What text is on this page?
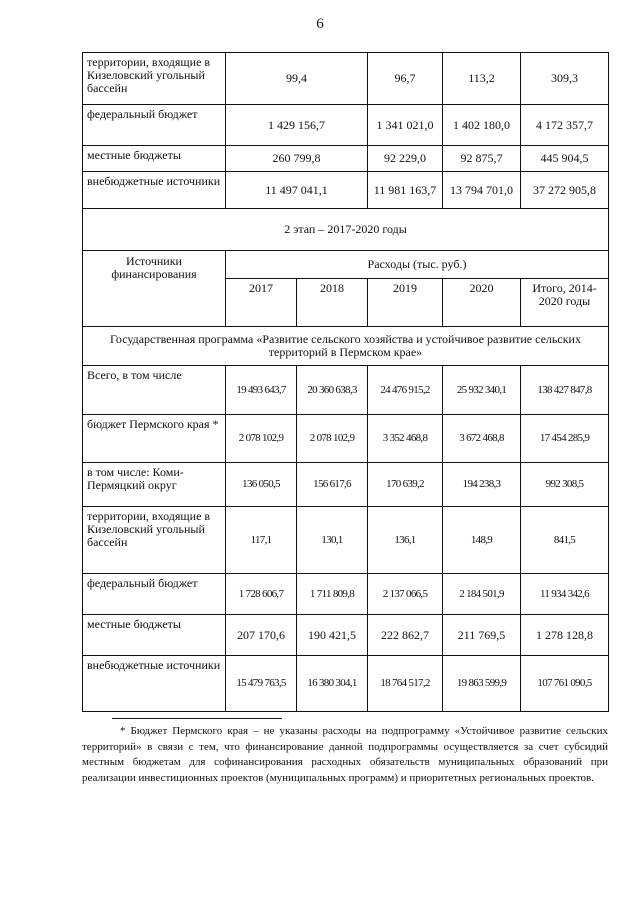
6
территории, входящие в Кизеловский угольный бассейн	99,4		96,7	113,2	309,3
федеральный бюджет	1 429 156,7		1 341 021,0	1 402 180,0	4 172 357,7
местные бюджеты	260 799,8		92 229,0	92 875,7	445 904,5
внебюджетные источники	11 497 041,1		11 981 163,7	13 794 701,0	37 272 905,8
2 этап – 2017-2020 годы					
Источники финансирования	Расходы (тыс. руб.)				
	2017	2018	2019	2020	Итого, 2014-2020 годы
Государственная программа «Развитие сельского хозяйства и устойчивое развитие сельских территорий в Пермском крае»					
Всего, в том числе	19 493 643,7	20 360 638,3	24 476 915,2	25 932 340,1	138 427 847,8
бюджет Пермского края *	2 078 102,9	2 078 102,9	3 352 468,8	3 672 468,8	17 454 285,9
в том числе: Коми-Пермяцкий округ	136 050,5	156 617,6	170 639,2	194 238,3	992 308,5
территории, входящие в Кизеловский угольный бассейн	117,1	130,1	136,1	148,9	841,5
федеральный бюджет	1 728 606,7	1 711 809,8	2 137 066,5	2 184 501,9	11 934 342,6
местные бюджеты	207 170,6	190 421,5	222 862,7	211 769,5	1 278 128,8
внебюджетные источники	15 479 763,5	16 380 304,1	18 764 517,2	19 863 599,9	107 761 090,5
* Бюджет Пермского края – не указаны расходы на подпрограмму «Устойчивое развитие сельских территорий» в связи с тем, что финансирование данной подпрограммы осуществляется за счет субсидий местным бюджетам для софинансирования расходных обязательств муниципальных образований при реализации инвестиционных проектов (муниципальных программ) и приоритетных региональных проектов.
